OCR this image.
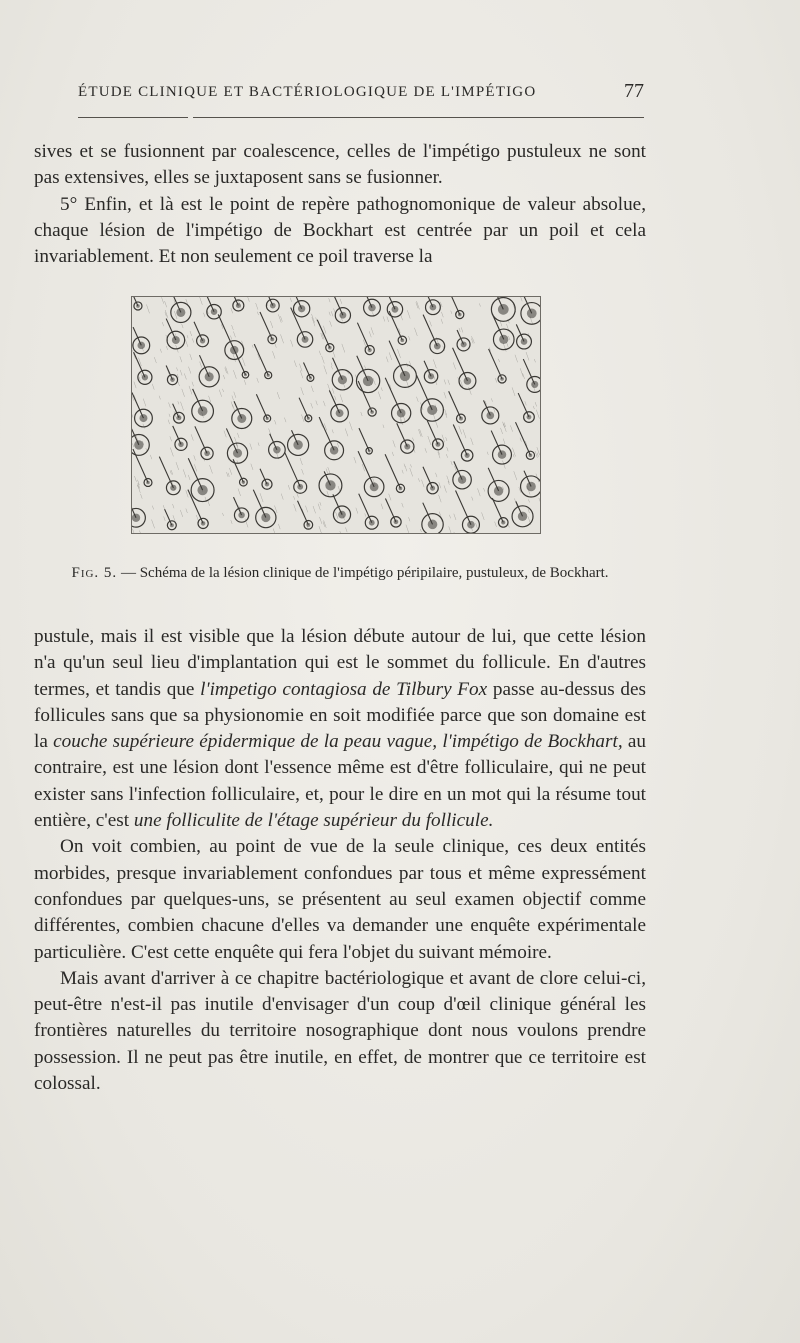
ÉTUDE CLINIQUE ET BACTÉRIOLOGIQUE DE L'IMPÉTIGO	77

sives et se fusionnent par coalescence, celles de l'impétigo pustuleux ne sont pas extensives, elles se juxtaposent sans se fusionner.

5° Enfin, et là est le point de repère pathognomonique de valeur absolue, chaque lésion de l'impétigo de Bockhart est centrée par un poil et cela invariablement. Et non seulement ce poil traverse la

Fig. 5. — Schéma de la lésion clinique de l'impétigo péripilaire, pustuleux, de Bockhart.

pustule, mais il est visible que la lésion débute autour de lui, que cette lésion n'a qu'un seul lieu d'implantation qui est le sommet du follicule. En d'autres termes, et tandis que l'impetigo contagiosa de Tilbury Fox passe au-dessus des follicules sans que sa physionomie en soit modifiée parce que son domaine est la couche supérieure épidermique de la peau vague, l'impétigo de Bockhart, au contraire, est une lésion dont l'essence même est d'être folliculaire, qui ne peut exister sans l'infection folliculaire, et, pour le dire en un mot qui la résume tout entière, c'est une folliculite de l'étage supérieur du follicule.

On voit combien, au point de vue de la seule clinique, ces deux entités morbides, presque invariablement confondues par tous et même expressément confondues par quelques-uns, se présentent au seul examen objectif comme différentes, combien chacune d'elles va demander une enquête expérimentale particulière. C'est cette enquête qui fera l'objet du suivant mémoire.

Mais avant d'arriver à ce chapitre bactériologique et avant de clore celui-ci, peut-être n'est-il pas inutile d'envisager d'un coup d'œil clinique général les frontières naturelles du territoire nosographique dont nous voulons prendre possession. Il ne peut pas être inutile, en effet, de montrer que ce territoire est colossal.
